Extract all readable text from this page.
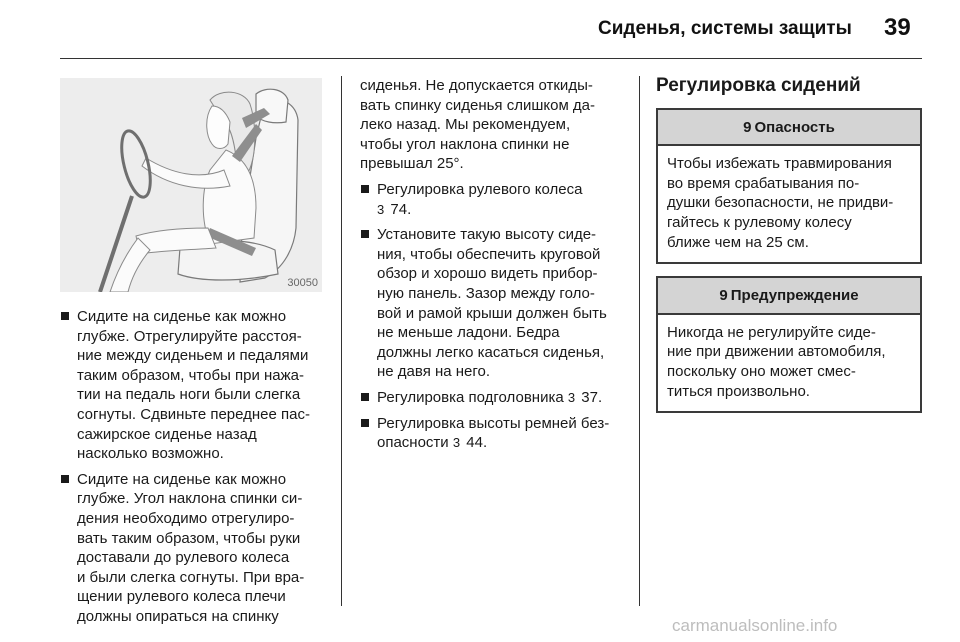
Сиденья, системы защиты 39
30050
Сидите на сиденье как можно
глубже. Отрегулируйте расстоя-
ние между сиденьем и педалями
таким образом, чтобы при нажа-
тии на педаль ноги были слегка
согнуты. Сдвиньте переднее пас-
сажирское сиденье назад
насколько возможно.
Сидите на сиденье как можно
глубже. Угол наклона спинки си-
дения необходимо отрегулиро-
вать таким образом, чтобы руки
доставали до рулевого колеса
и были слегка согнуты. При вра-
щении рулевого колеса плечи
должны опираться на спинку
сиденья. Не допускается откиды-
вать спинку сиденья слишком да-
леко назад. Мы рекомендуем,
чтобы угол наклона спинки не
превышал 25°.
Регулировка рулевого колеса
3 74.
Установите такую высоту сиде-
ния, чтобы обеспечить круговой
обзор и хорошо видеть прибор-
ную панель. Зазор между голо-
вой и рамой крыши должен быть
не меньше ладони. Бедра
должны легко касаться сиденья,
не давя на него.
Регулировка подголовника 3 37.
Регулировка высоты ремней без-
опасности 3 44.
Регулировка сидений
9 Опасность
Чтобы избежать травмирования
во время срабатывания по-
душки безопасности, не придви-
гайтесь к рулевому колесу
ближе чем на 25 см.
9 Предупреждение
Никогда не регулируйте сиде-
ние при движении автомобиля,
поскольку оно может смес-
титься произвольно.
carmanualsonline.info
